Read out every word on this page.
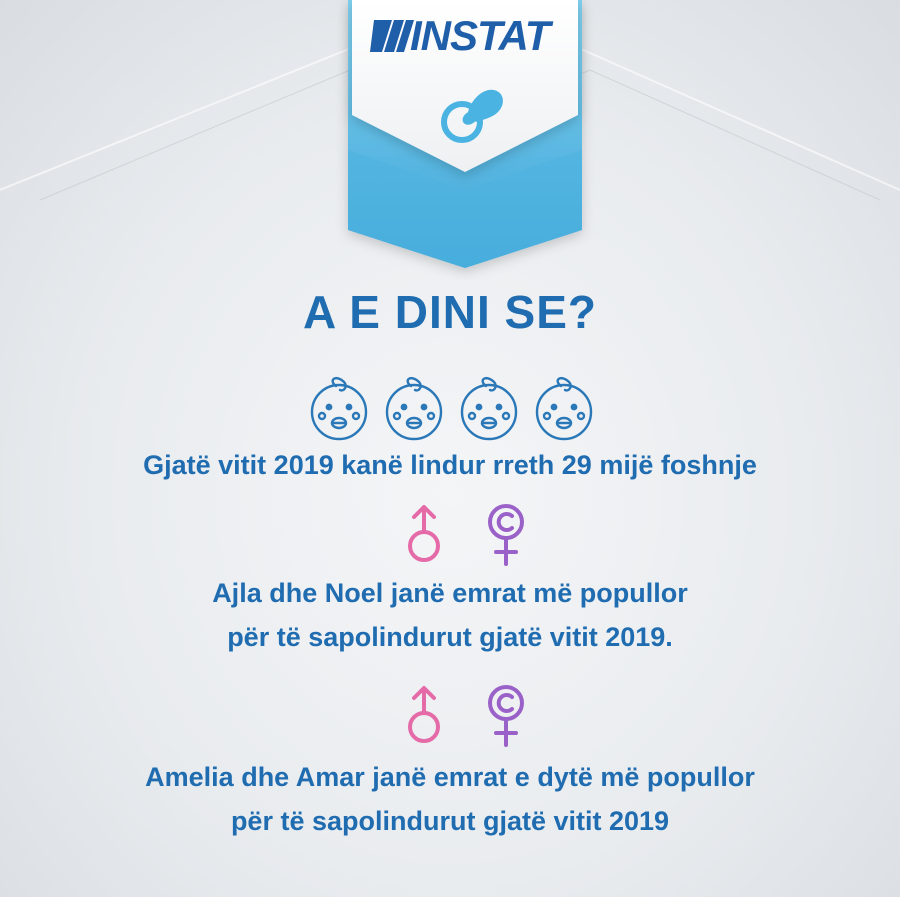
INSTAT
A E DINI SE?
Gjatë vitit 2019 kanë lindur rreth 29 mijë foshnje
Ajla dhe Noel janë emrat më popullor
për të sapolindurut gjatë vitit 2019.
Amelia dhe Amar janë emrat e dytë më popullor
për të sapolindurut gjatë vitit 2019
